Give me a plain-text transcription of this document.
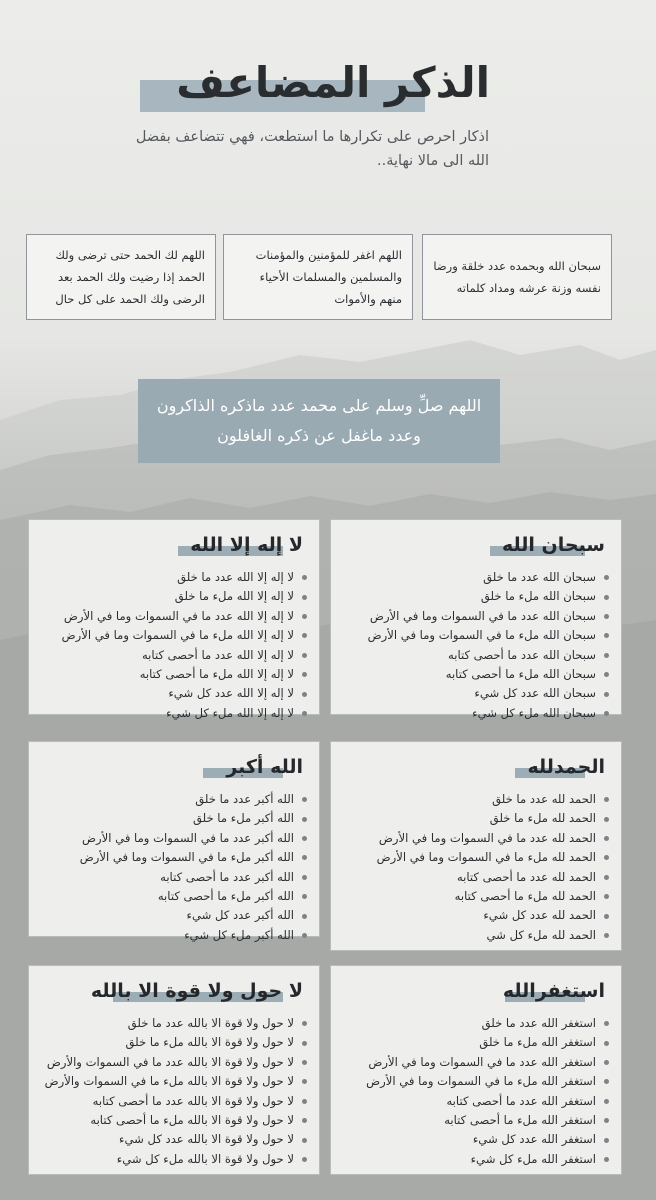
الذكر المضاعف

اذكار احرص على تكرارها ما استطعت، فهي تتضاعف بفضل الله الى مالا نهاية..

سبحان الله وبحمده عدد خلقة ورضا نفسه وزنة عرشه ومداد كلماته

اللهم اغفر للمؤمنين والمؤمنات والمسلمين والمسلمات الأحياء منهم والأموات

اللهم لك الحمد حتى ترضى ولك الحمد إذا رضيت ولك الحمد بعد الرضى ولك الحمد على كل حال

اللهم صلِّ وسلم على محمد عدد ماذكره الذاكرون وعدد ماغفل عن ذكره الغافلون

سبحان الله
سبحان الله عدد ما خلق
سبحان الله ملء ما خلق
سبحان الله عدد ما في السموات وما في الأرض
سبحان الله ملء ما في السموات وما في الأرض
سبحان الله عدد ما أحصى كتابه
سبحان الله ملء ما أحصى كتابه
سبحان الله عدد كل شيء
سبحان الله ملء كل شيء
لا إله إلا الله
لا إله إلا الله عدد ما خلق
لا إله إلا الله ملء ما خلق
لا إله إلا الله عدد ما في السموات وما في الأرض
لا إله إلا الله ملء ما في السموات وما في الأرض
لا إله إلا الله عدد ما أحصى كتابه
لا إله إلا الله ملء ما أحصى كتابه
لا إله إلا الله عدد كل شيء
لا إله إلا الله ملء كل شيء
الحمدلله
الحمد لله عدد ما خلق
الحمد لله ملء ما خلق
الحمد لله عدد ما في السموات وما في الأرض
الحمد لله ملء ما في السموات وما في الأرض
الحمد لله عدد ما أحصى كتابه
الحمد لله ملء ما أحصى كتابه
الحمد لله عدد كل شيء
الحمد لله ملء كل شي
الله أكبر
الله أكبر عدد ما خلق
الله أكبر ملء ما خلق
الله أكبر عدد ما في السموات وما في الأرض
الله أكبر ملء ما في السموات وما في الأرض
الله أكبر عدد ما أحصى كتابه
الله أكبر ملء ما أحصى كتابه
الله أكبر عدد كل شيء
الله أكبر ملء كل شيء
استغفرالله
استغفر الله عدد ما خلق
استغفر الله ملء ما خلق
استغفر الله عدد ما في السموات وما في الأرض
استغفر الله ملء ما في السموات وما في الأرض
استغفر الله عدد ما أحصى كتابه
استغفر الله ملء ما أحصى كتابه
استغفر الله عدد كل شيء
استغفر الله ملء كل شيء
لا حول ولا قوة الا بالله
لا حول ولا قوة الا بالله عدد ما خلق
لا حول ولا قوة الا بالله ملء ما خلق
لا حول ولا قوة الا بالله عدد ما في السموات والأرض
لا حول ولا قوة الا بالله ملء ما في السموات والأرض
لا حول ولا قوة الا بالله عدد ما أحصى كتابه
لا حول ولا قوة الا بالله ملء ما أحصى كتابه
لا حول ولا قوة الا بالله عدد كل شيء
لا حول ولا قوة الا بالله ملء كل شيء
